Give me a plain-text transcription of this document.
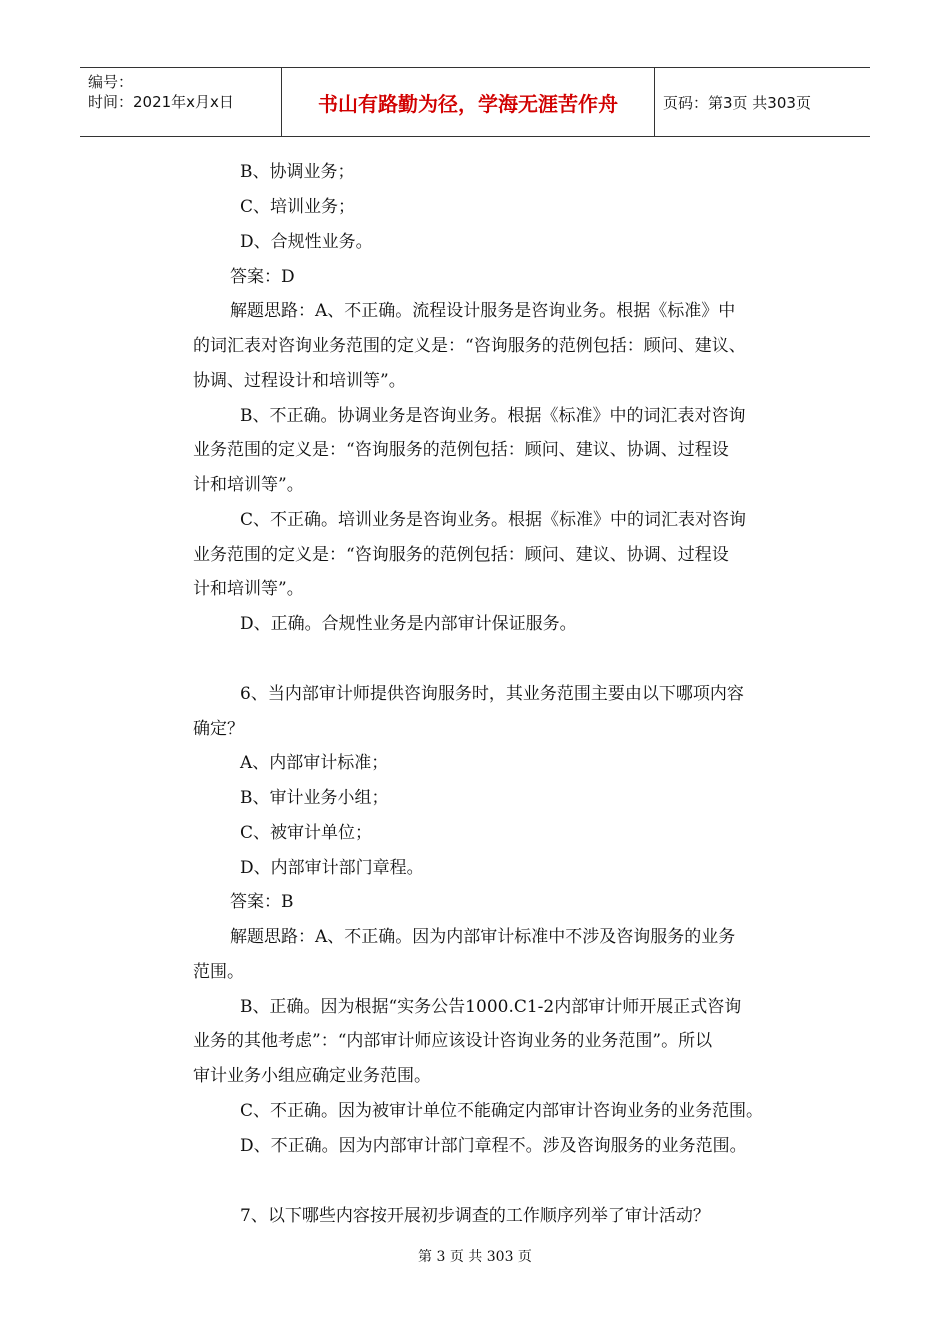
编号：
时间：2021年x月x日	书山有路勤为径，学海无涯苦作舟	页码：第3页 共303页
B、协调业务；
C、培训业务；
D、合规性业务。
答案：D
解题思路：A、不正确。流程设计服务是咨询业务。根据《标准》中
的词汇表对咨询业务范围的定义是：“咨询服务的范例包括：顾问、建议、
协调、过程设计和培训等”。
B、不正确。协调业务是咨询业务。根据《标准》中的词汇表对咨询
业务范围的定义是：“咨询服务的范例包括：顾问、建议、协调、过程设
计和培训等”。
C、不正确。培训业务是咨询业务。根据《标准》中的词汇表对咨询
业务范围的定义是：“咨询服务的范例包括：顾问、建议、协调、过程设
计和培训等”。
D、正确。合规性业务是内部审计保证服务。
6、当内部审计师提供咨询服务时，其业务范围主要由以下哪项内容
确定？
A、内部审计标准；
B、审计业务小组；
C、被审计单位；
D、内部审计部门章程。
答案：B
解题思路：A、不正确。因为内部审计标准中不涉及咨询服务的业务
范围。
B、正确。因为根据“实务公告1000.C1-2内部审计师开展正式咨询
业务的其他考虑”：“内部审计师应该设计咨询业务的业务范围”。所以
审计业务小组应确定业务范围。
C、不正确。因为被审计单位不能确定内部审计咨询业务的业务范围。
D、不正确。因为内部审计部门章程不。涉及咨询服务的业务范围。
7、以下哪些内容按开展初步调查的工作顺序列举了审计活动？
第 3 页 共 303 页
